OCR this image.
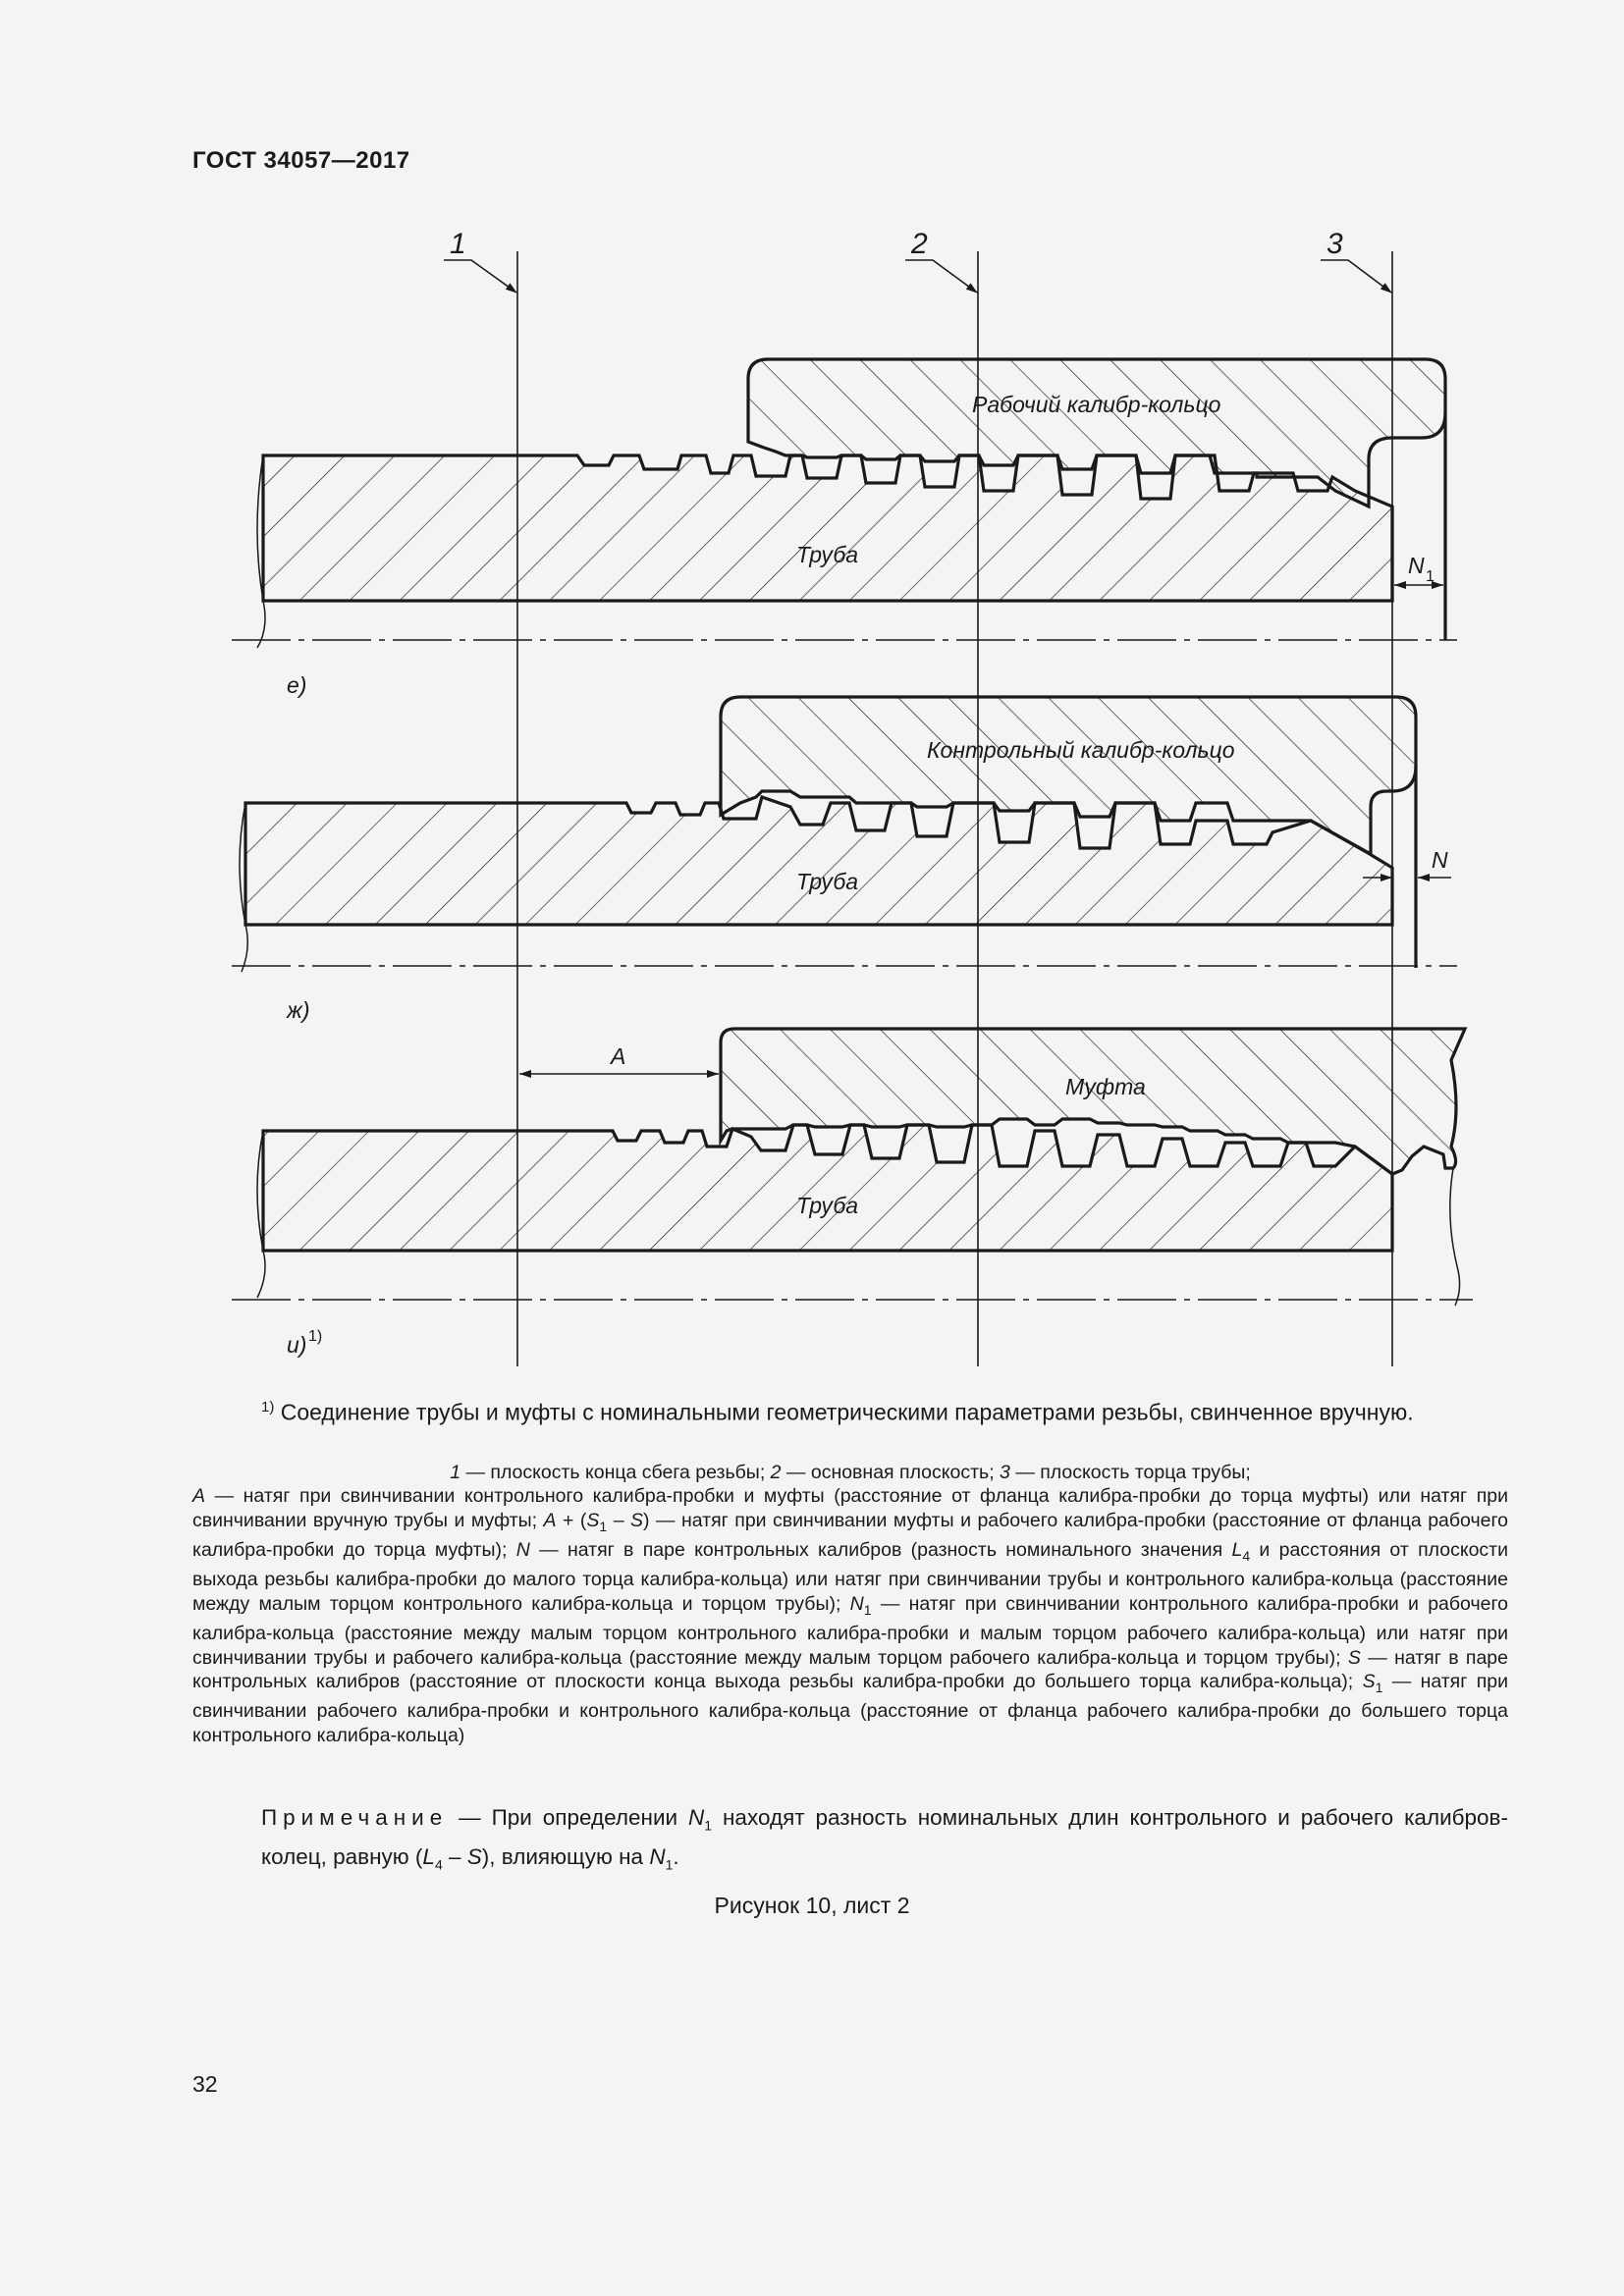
ГОСТ 34057—2017
1	2	3
N 1
Рабочий калибр-кольцо
Труба
е)
N
Контрольный калибр-кольцо
Труба
ж)
A
Муфта
Труба
и) 1)
$^{1)}$ Соединение трубы и муфты с номинальными геометрическими параметрами резьбы, свинченное вручную.

1 — плоскость конца сбега резьбы; 2 — основная плоскость; 3 — плоскость торца трубы;

A — натяг при свинчивании контрольного калибра-пробки и муфты (расстояние от фланца калибра-пробки до торца муфты) или натяг при свинчивании вручную трубы и муфты; $A + (S_1 - S)$ — натяг при свинчивании муфты и рабочего калибра-пробки (расстояние от фланца рабочего калибра-пробки до торца муфты); N — натяг в паре контрольных калибров (разность номинального значения $L_4$ и расстояния от плоскости выхода резьбы калибра-пробки до малого торца калибра-кольца) или натяг при свинчивании трубы и контрольного калибра-кольца (расстояние между малым торцом контрольного калибра-кольца и торцом трубы); $N_1$ — натяг при свинчивании контрольного калибра-пробки и рабочего калибра-кольца (расстояние между малым торцом контрольного калибра-пробки и малым торцом рабочего калибра-кольца) или натяг при свинчивании трубы и рабочего калибра-кольца (расстояние между малым торцом рабочего калибра-кольца и торцом трубы); S — натяг в паре контрольных калибров (расстояние от плоскости конца выхода резьбы калибра-пробки до большего торца калибра-кольца); $S_1$ — натяг при свинчивании рабочего калибра-пробки и контрольного калибра-кольца (расстояние от фланца рабочего калибра-пробки до большего торца контрольного калибра-кольца)

Примечание — При определении $N_1$ находят разность номинальных длин контрольного и рабочего калибров-колец, равную $(L_4 - S)$, влияющую на $N_1$.
Рисунок 10, лист 2
32
